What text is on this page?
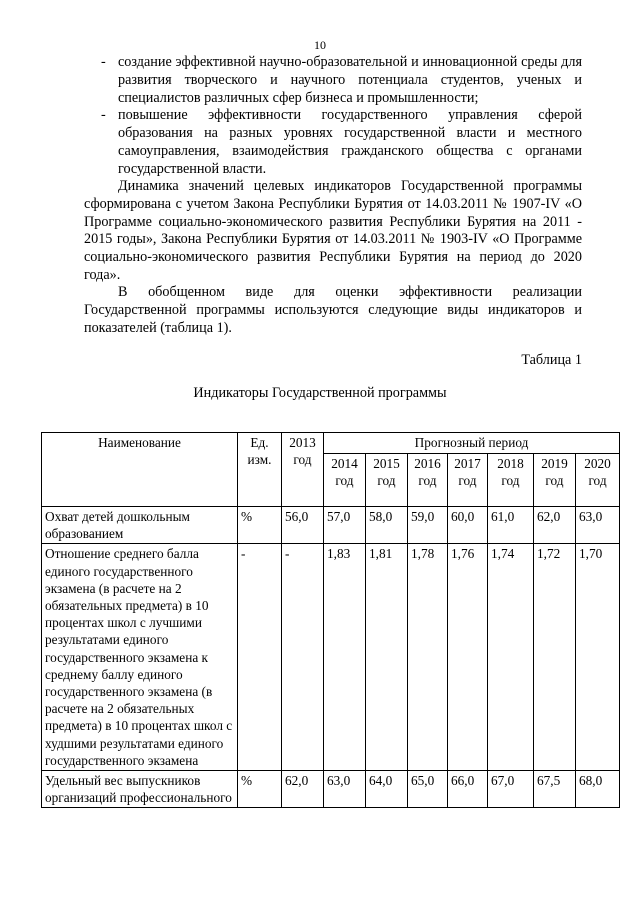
10
- создание эффективной научно-образовательной и инновационной среды для развития творческого и научного потенциала студентов, ученых и специалистов различных сфер бизнеса и промышленности;
- повышение эффективности государственного управления сферой образования на разных уровнях государственной власти и местного самоуправления, взаимодействия гражданского общества с органами государственной власти.

Динамика значений целевых индикаторов Государственной программы сформирована с учетом Закона Республики Бурятия от 14.03.2011 № 1907-IV «О Программе социально-экономического развития Республики Бурятия на 2011 - 2015 годы», Закона Республики Бурятия от 14.03.2011 № 1903-IV «О Программе социально-экономического развития Республики Бурятия на период до 2020 года».

В обобщенном виде для оценки эффективности реализации Государственной программы используются следующие виды индикаторов и показателей (таблица 1).

Таблица 1
Индикаторы Государственной программы
Наименование	Ед. изм.	2013 год	Прогнозный период						
			2014 год	2015 год	2016 год	2017 год	2018 год	2019 год	2020 год
Охват детей дошкольным образованием	%	56,0	57,0	58,0	59,0	60,0	61,0	62,0	63,0
Отношение среднего балла единого государственного экзамена (в расчете на 2 обязательных предмета) в 10 процентах школ с лучшими результатами единого государственного экзамена к среднему баллу единого государственного экзамена (в расчете на 2 обязательных предмета) в 10 процентах школ с худшими результатами единого государственного экзамена	-	-	1,83	1,81	1,78	1,76	1,74	1,72	1,70
Удельный вес выпускников организаций профессионального	%	62,0	63,0	64,0	65,0	66,0	67,0	67,5	68,0
